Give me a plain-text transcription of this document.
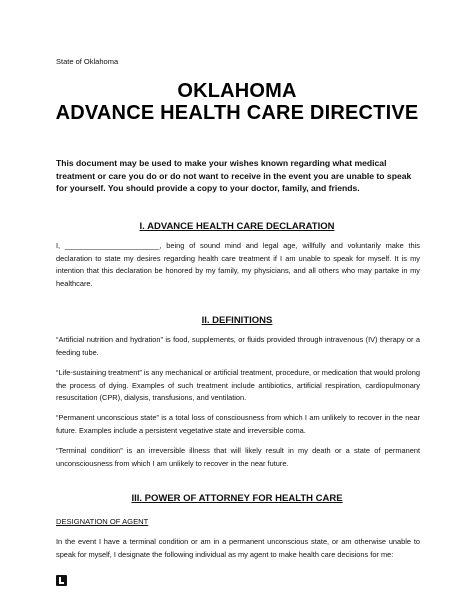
State of Oklahoma
OKLAHOMA
ADVANCE HEALTH CARE DIRECTIVE
This document may be used to make your wishes known regarding what medical treatment or care you do or do not want to receive in the event you are unable to speak for yourself. You should provide a copy to your doctor, family, and friends.
I. ADVANCE HEALTH CARE DECLARATION
I, _______________________, being of sound mind and legal age, willfully and voluntarily make this declaration to state my desires regarding health care treatment if I am unable to speak for myself. It is my intention that this declaration be honored by my family, my physicians, and all others who may partake in my healthcare.
II. DEFINITIONS
“Artificial nutrition and hydration” is food, supplements, or fluids provided through intravenous (IV) therapy or a feeding tube.
“Life-sustaining treatment” is any mechanical or artificial treatment, procedure, or medication that would prolong the process of dying. Examples of such treatment include antibiotics, artificial respiration, cardiopulmonary resuscitation (CPR), dialysis, transfusions, and ventilation.
“Permanent unconscious state” is a total loss of consciousness from which I am unlikely to recover in the near future. Examples include a persistent vegetative state and irreversible coma.
“Terminal condition” is an irreversible illness that will likely result in my death or a state of permanent unconsciousness from which I am unlikely to recover in the near future.
III. POWER OF ATTORNEY FOR HEALTH CARE
DESIGNATION OF AGENT
In the event I have a terminal condition or am in a permanent unconscious state, or am otherwise unable to speak for myself, I designate the following individual as my agent to make health care decisions for me:
